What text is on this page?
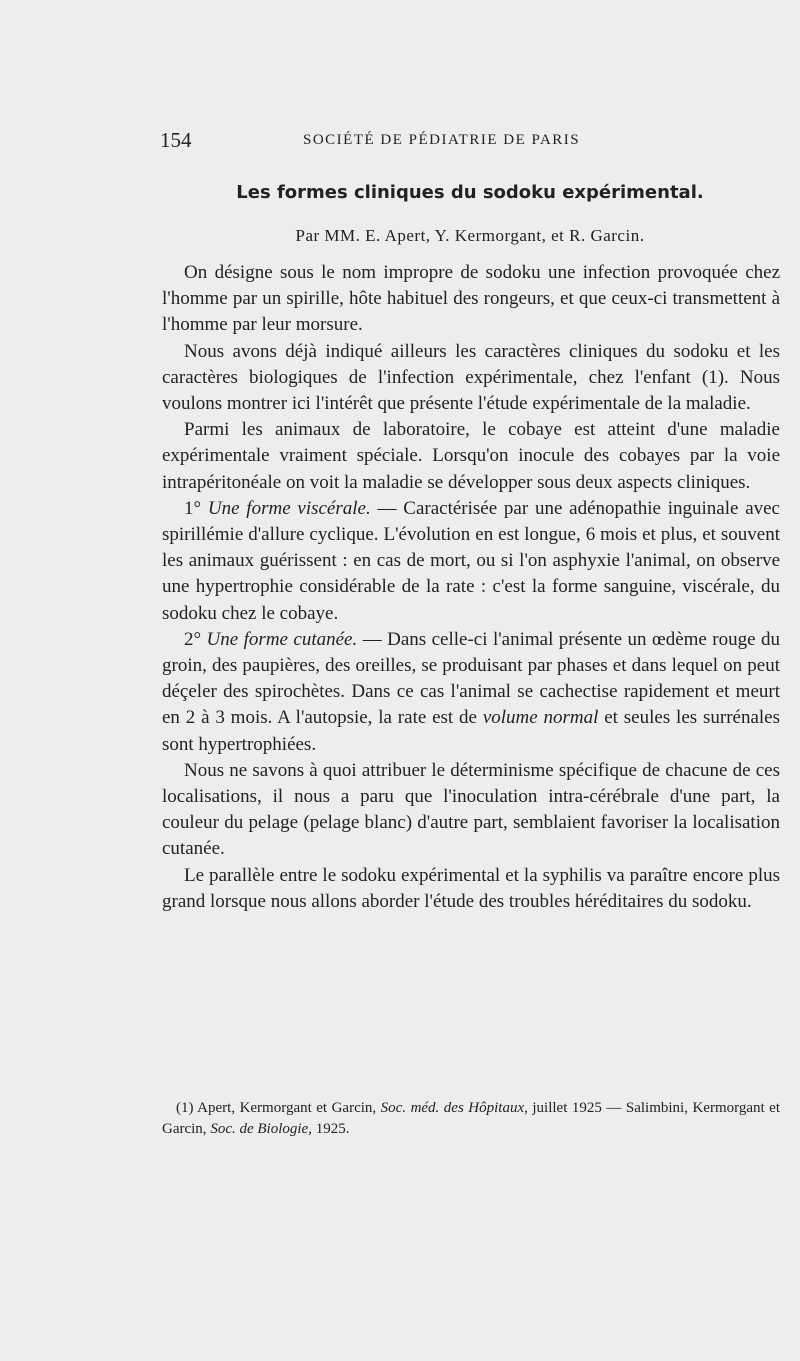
154	SOCIÉTÉ DE PÉDIATRIE DE PARIS
Les formes cliniques du sodoku expérimental.
Par MM. E. Apert, Y. Kermorgant, et R. Garcin.

On désigne sous le nom impropre de sodoku une infection provoquée chez l'homme par un spirille, hôte habituel des rongeurs, et que ceux-ci transmettent à l'homme par leur morsure.

Nous avons déjà indiqué ailleurs les caractères cliniques du sodoku et les caractères biologiques de l'infection expérimentale, chez l'enfant (1). Nous voulons montrer ici l'intérêt que présente l'étude expérimentale de la maladie.

Parmi les animaux de laboratoire, le cobaye est atteint d'une maladie expérimentale vraiment spéciale. Lorsqu'on inocule des cobayes par la voie intrapéritonéale on voit la maladie se développer sous deux aspects cliniques.

1° Une forme viscérale. — Caractérisée par une adénopathie inguinale avec spirillémie d'allure cyclique. L'évolution en est longue, 6 mois et plus, et souvent les animaux guérissent : en cas de mort, ou si l'on asphyxie l'animal, on observe une hypertrophie considérable de la rate : c'est la forme sanguine, viscérale, du sodoku chez le cobaye.

2° Une forme cutanée. — Dans celle-ci l'animal présente un œdème rouge du groin, des paupières, des oreilles, se produisant par phases et dans lequel on peut déçeler des spirochètes. Dans ce cas l'animal se cachectise rapidement et meurt en 2 à 3 mois. A l'autopsie, la rate est de volume normal et seules les surrénales sont hypertrophiées.

Nous ne savons à quoi attribuer le déterminisme spécifique de chacune de ces localisations, il nous a paru que l'inoculation intra-cérébrale d'une part, la couleur du pelage (pelage blanc) d'autre part, semblaient favoriser la localisation cutanée.

Le parallèle entre le sodoku expérimental et la syphilis va paraître encore plus grand lorsque nous allons aborder l'étude des troubles héréditaires du sodoku.

(1) Apert, Kermorgant et Garcin, Soc. méd. des Hôpitaux, juillet 1925 — Salimbini, Kermorgant et Garcin, Soc. de Biologie, 1925.
